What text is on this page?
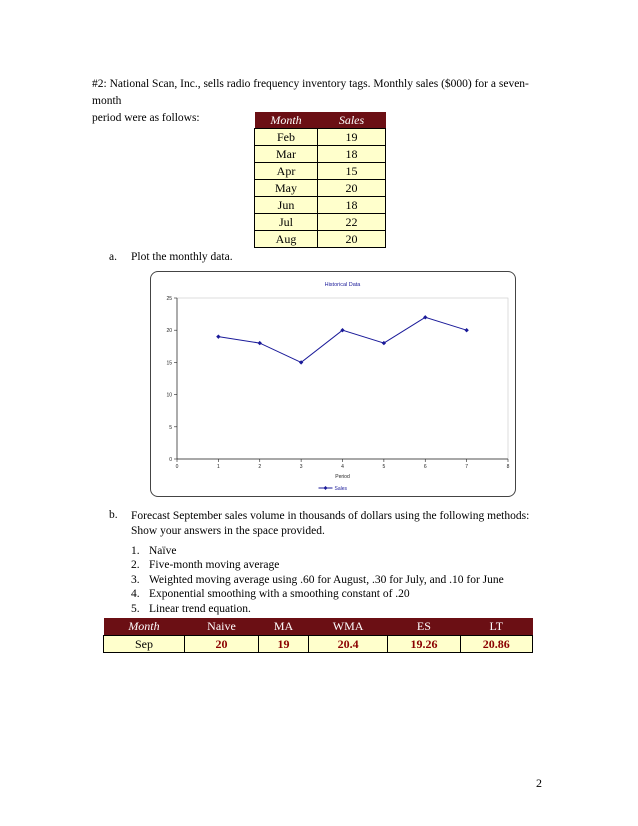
#2: National Scan, Inc., sells radio frequency inventory tags. Monthly sales ($000) for a seven-month
period were as follows:	Month	Sales
Feb	19
Mar	18
Apr	15
May	20
Jun	18
Jul	22
Aug	20
a. Plot the monthly data.
Historical Data
0
5
10
15
20
25
0	1	2	3	4	5	6	7	8
Period
Sales
b. Forecast September sales volume in thousands of dollars using the following methods: Show your answers in the space provided.
1. Naïve
2. Five-month moving average
3. Weighted moving average using .60 for August, .30 for July, and .10 for June
4. Exponential smoothing with a smoothing constant of .20
5. Linear trend equation.
Month	Naive	MA	WMA	ES	LT
Sep	20	19	20.4	19.26	20.86
2
